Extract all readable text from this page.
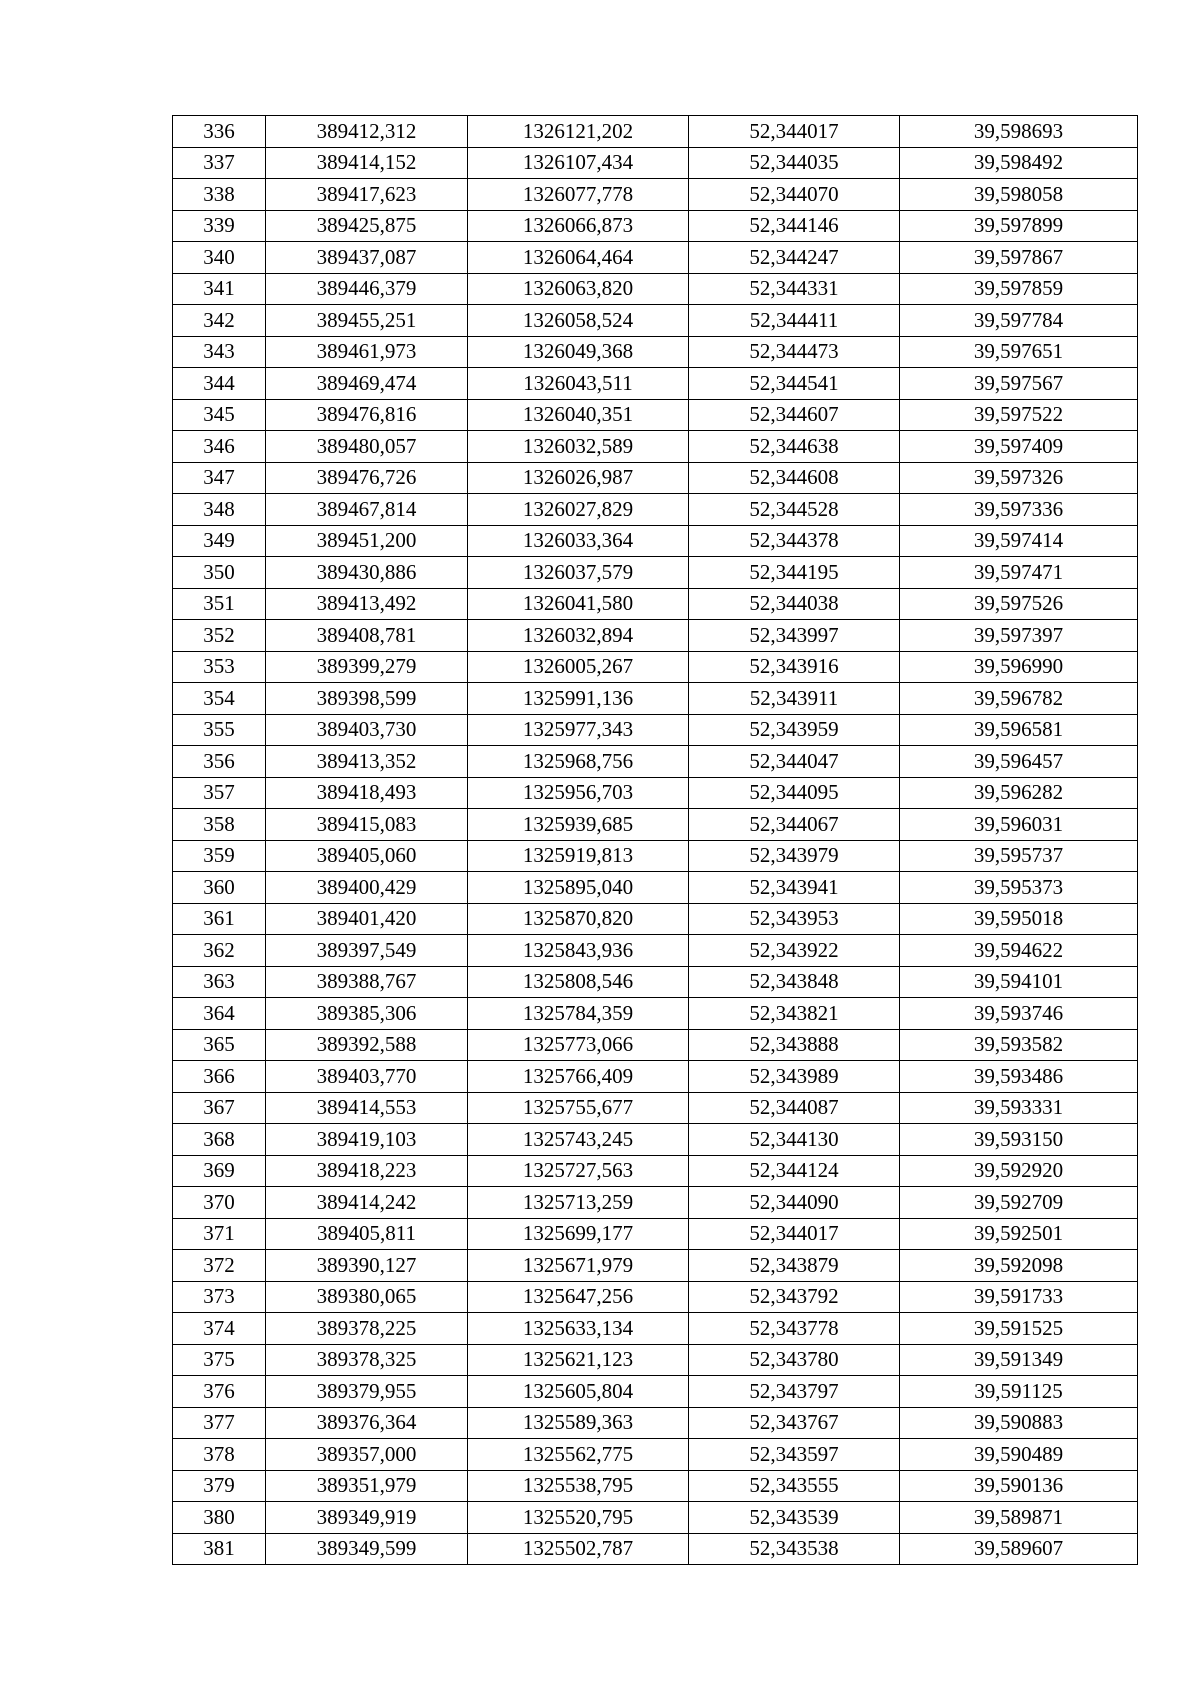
336	389412,312	1326121,202	52,344017	39,598693
337	389414,152	1326107,434	52,344035	39,598492
338	389417,623	1326077,778	52,344070	39,598058
339	389425,875	1326066,873	52,344146	39,597899
340	389437,087	1326064,464	52,344247	39,597867
341	389446,379	1326063,820	52,344331	39,597859
342	389455,251	1326058,524	52,344411	39,597784
343	389461,973	1326049,368	52,344473	39,597651
344	389469,474	1326043,511	52,344541	39,597567
345	389476,816	1326040,351	52,344607	39,597522
346	389480,057	1326032,589	52,344638	39,597409
347	389476,726	1326026,987	52,344608	39,597326
348	389467,814	1326027,829	52,344528	39,597336
349	389451,200	1326033,364	52,344378	39,597414
350	389430,886	1326037,579	52,344195	39,597471
351	389413,492	1326041,580	52,344038	39,597526
352	389408,781	1326032,894	52,343997	39,597397
353	389399,279	1326005,267	52,343916	39,596990
354	389398,599	1325991,136	52,343911	39,596782
355	389403,730	1325977,343	52,343959	39,596581
356	389413,352	1325968,756	52,344047	39,596457
357	389418,493	1325956,703	52,344095	39,596282
358	389415,083	1325939,685	52,344067	39,596031
359	389405,060	1325919,813	52,343979	39,595737
360	389400,429	1325895,040	52,343941	39,595373
361	389401,420	1325870,820	52,343953	39,595018
362	389397,549	1325843,936	52,343922	39,594622
363	389388,767	1325808,546	52,343848	39,594101
364	389385,306	1325784,359	52,343821	39,593746
365	389392,588	1325773,066	52,343888	39,593582
366	389403,770	1325766,409	52,343989	39,593486
367	389414,553	1325755,677	52,344087	39,593331
368	389419,103	1325743,245	52,344130	39,593150
369	389418,223	1325727,563	52,344124	39,592920
370	389414,242	1325713,259	52,344090	39,592709
371	389405,811	1325699,177	52,344017	39,592501
372	389390,127	1325671,979	52,343879	39,592098
373	389380,065	1325647,256	52,343792	39,591733
374	389378,225	1325633,134	52,343778	39,591525
375	389378,325	1325621,123	52,343780	39,591349
376	389379,955	1325605,804	52,343797	39,591125
377	389376,364	1325589,363	52,343767	39,590883
378	389357,000	1325562,775	52,343597	39,590489
379	389351,979	1325538,795	52,343555	39,590136
380	389349,919	1325520,795	52,343539	39,589871
381	389349,599	1325502,787	52,343538	39,589607
